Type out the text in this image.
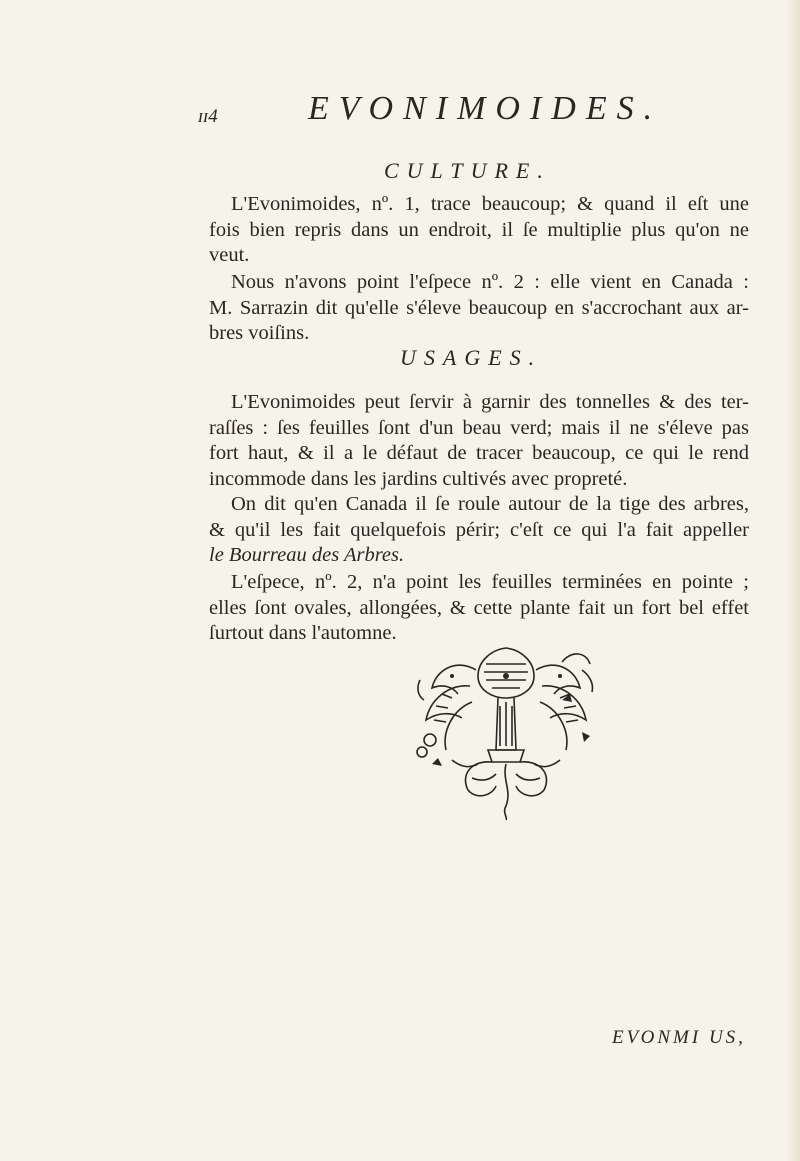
ɪɪ4	EVONIMOIDES.
CULTURE.
L'Evonimoides, nº. 1, trace beaucoup; & quand il eſt une
fois bien repris dans un endroit, il ſe multiplie plus qu'on ne
veut.
Nous n'avons point l'eſpece nº. 2 : elle vient en Canada :
M. Sarrazin dit qu'elle s'éleve beaucoup en s'accrochant aux ar-
bres voiſins.
USAGES.
L'Evonimoides peut ſervir à garnir des tonnelles & des ter-
raſſes : ſes feuilles ſont d'un beau verd; mais il ne s'éleve pas
fort haut, & il a le défaut de tracer beaucoup, ce qui le rend
incommode dans les jardins cultivés avec propreté.
On dit qu'en Canada il ſe roule autour de la tige des arbres,
& qu'il les fait quelquefois périr; c'eſt ce qui l'a fait appeller
le Bourreau des Arbres.
L'eſpece, nº. 2, n'a point les feuilles terminées en pointe ;
elles ſont ovales, allongées, & cette plante fait un fort bel effet
ſurtout dans l'automne.
EVONMI US,
